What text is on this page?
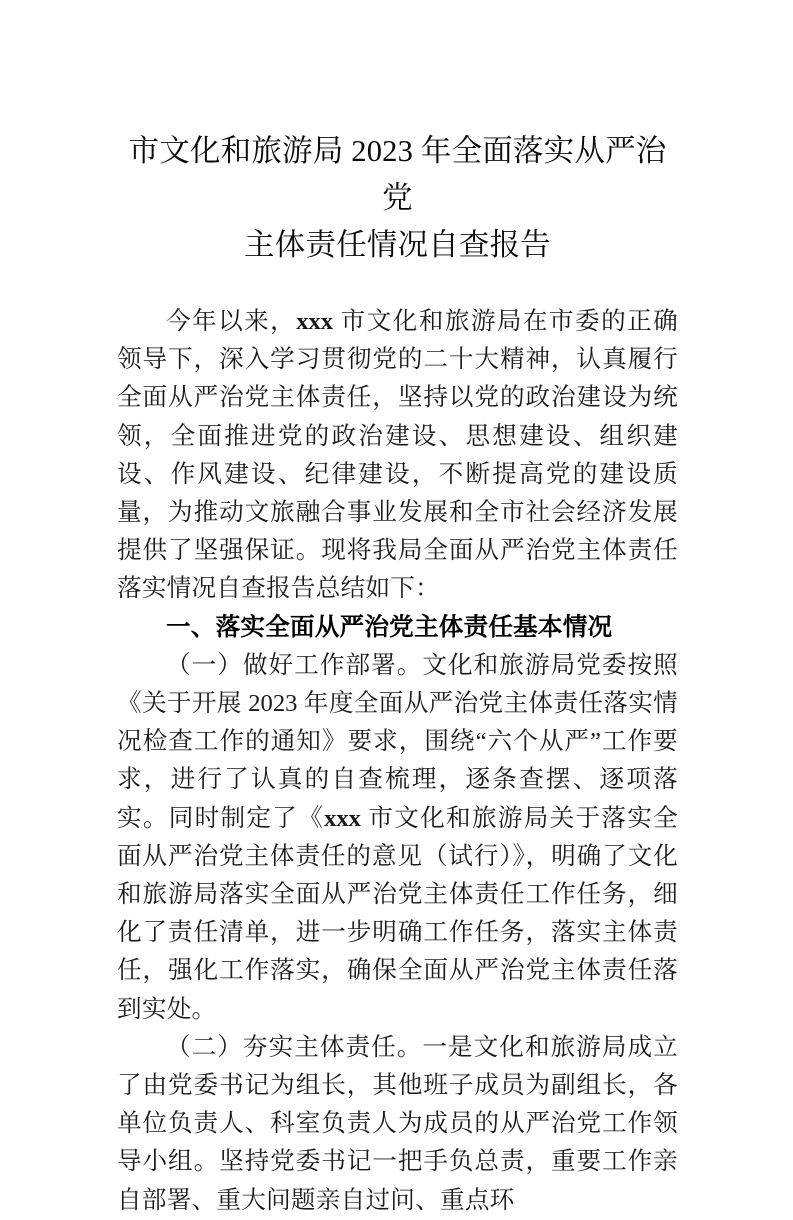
市文化和旅游局 2023 年全面落实从严治党
主体责任情况自查报告

今年以来，xxx 市文化和旅游局在市委的正确领导下，深入学习贯彻党的二十大精神，认真履行全面从严治党主体责任，坚持以党的政治建设为统领，全面推进党的政治建设、思想建设、组织建设、作风建设、纪律建设，不断提高党的建设质量，为推动文旅融合事业发展和全市社会经济发展提供了坚强保证。现将我局全面从严治党主体责任落实情况自查报告总结如下：

一、落实全面从严治党主体责任基本情况

（一）做好工作部署。文化和旅游局党委按照《关于开展 2023 年度全面从严治党主体责任落实情况检查工作的通知》要求，围绕“六个从严”工作要求，进行了认真的自查梳理，逐条查摆、逐项落实。同时制定了《xxx 市文化和旅游局关于落实全面从严治党主体责任的意见（试行）》，明确了文化和旅游局落实全面从严治党主体责任工作任务，细化了责任清单，进一步明确工作任务，落实主体责任，强化工作落实，确保全面从严治党主体责任落到实处。

（二）夯实主体责任。一是文化和旅游局成立了由党委书记为组长，其他班子成员为副组长，各单位负责人、科室负责人为成员的从严治党工作领导小组。坚持党委书记一把手负总责，重要工作亲自部署、重大问题亲自过问、重点环
